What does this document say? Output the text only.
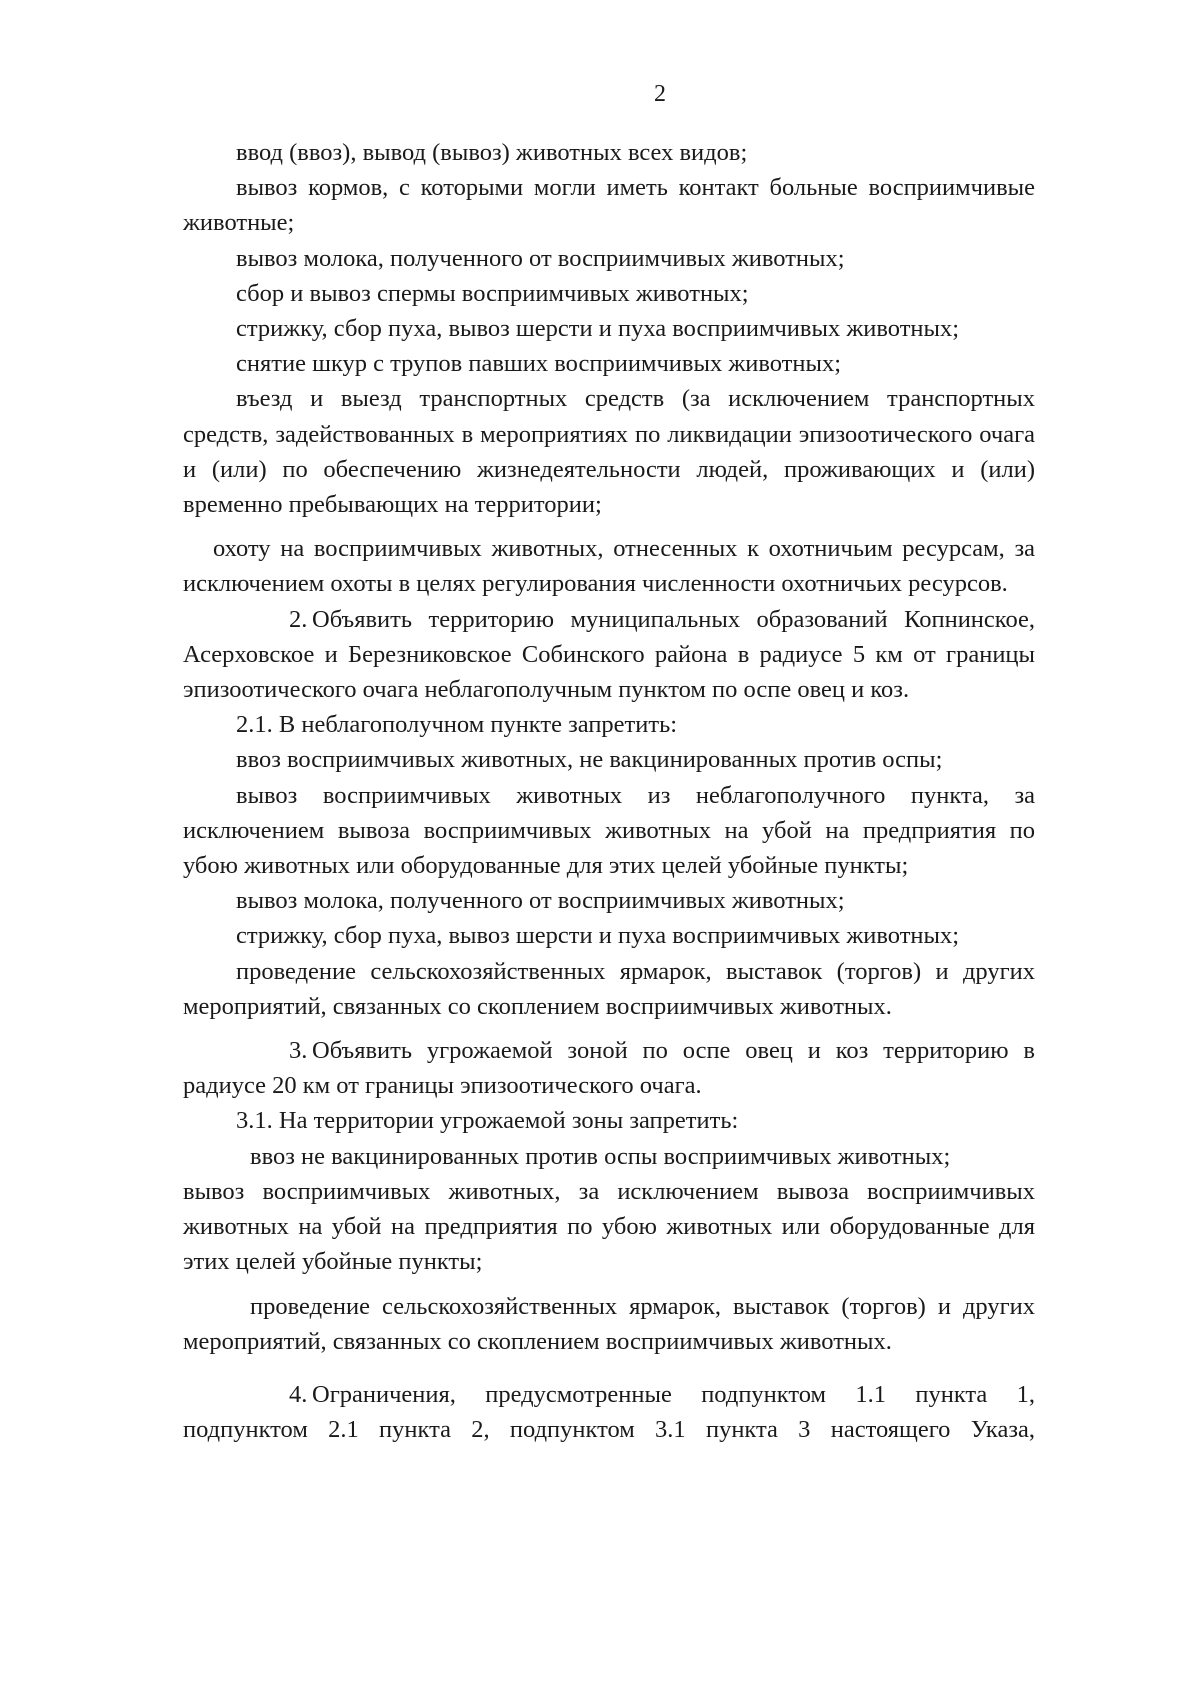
2

ввод (ввоз), вывод (вывоз) животных всех видов;

вывоз кормов, с которыми могли иметь контакт больные восприимчивые животные;

вывоз молока, полученного от восприимчивых животных;

сбор и вывоз спермы восприимчивых животных;

стрижку, сбор пуха, вывоз шерсти и пуха восприимчивых животных;

снятие шкур с трупов павших восприимчивых животных;

въезд и выезд транспортных средств (за исключением транспортных средств, задействованных в мероприятиях по ликвидации эпизоотического очага и (или) по обеспечению жизнедеятельности людей, проживающих и (или) временно пребывающих на территории;

охоту на восприимчивых животных, отнесенных к охотничьим ресурсам, за исключением охоты в целях регулирования численности охотничьих ресурсов.

2. Объявить территорию муниципальных образований Копнинское, Асерховское и Березниковское Собинского района в радиусе 5 км от границы эпизоотического очага неблагополучным пунктом по оспе овец и коз.

2.1. В неблагополучном пункте запретить:

ввоз восприимчивых животных, не вакцинированных против оспы;

вывоз восприимчивых животных из неблагополучного пункта, за исключением вывоза восприимчивых животных на убой на предприятия по убою животных или оборудованные для этих целей убойные пункты;

вывоз молока, полученного от восприимчивых животных;

стрижку, сбор пуха, вывоз шерсти и пуха восприимчивых животных;

проведение сельскохозяйственных ярмарок, выставок (торгов) и других мероприятий, связанных со скоплением восприимчивых животных.

3. Объявить угрожаемой зоной по оспе овец и коз территорию в радиусе 20 км от границы эпизоотического очага.

3.1. На территории угрожаемой зоны запретить:

ввоз не вакцинированных против оспы восприимчивых животных;

вывоз восприимчивых животных, за исключением вывоза восприимчивых животных на убой на предприятия по убою животных или оборудованные для этих целей убойные пункты;

проведение сельскохозяйственных ярмарок, выставок (торгов) и других мероприятий, связанных со скоплением восприимчивых животных.

4. Ограничения, предусмотренные подпунктом 1.1 пункта 1, подпунктом 2.1 пункта 2, подпунктом 3.1 пункта 3 настоящего Указа,
